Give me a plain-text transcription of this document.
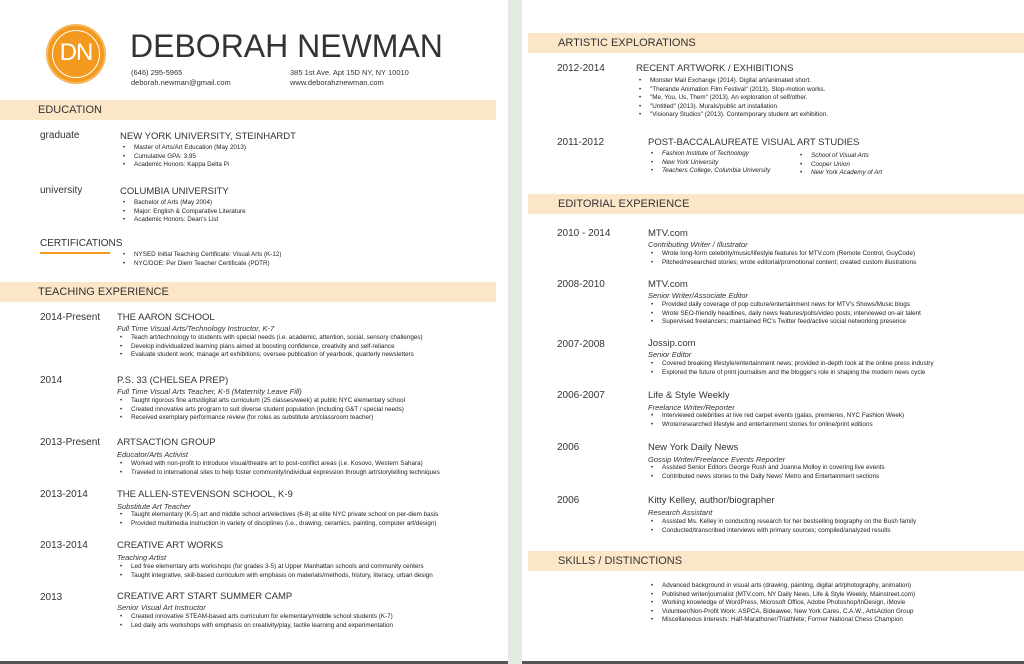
DN	DEBORAH NEWMAN
(646) 295-5965
deborah.newman@gmail.com
385 1st Ave. Apt 15D NY, NY 10010
www.deborahznewman.com
EDUCATION
graduate	NEW YORK UNIVERSITY, STEINHARDT
• Master of Arts/Art Education (May 2013)
• Cumulative GPA: 3.95
• Academic Honors: Kappa Delta Pi
university	COLUMBIA UNIVERSITY
• Bachelor of Arts (May 2004)
• Major: English & Comparative Literature
• Academic Honors: Dean's List
CERTIFICATIONS
• NYSED Initial Teaching Certificate: Visual Arts (K-12)
• NYC/DOE: Per Diem Teacher Certificate (PDTR)
TEACHING EXPERIENCE
2014-Present THE AARON SCHOOL
Full Time Visual Arts/Technology Instructor, K-7
• Teach art/technology to students with special needs (i.e. academic, attention, social, sensory challenges)
• Develop individualized learning plans aimed at boosting confidence, creativity and self-reliance
• Evaluate student work; manage art exhibitions; oversee publication of yearbook, quarterly newsletters
2014	P.S. 33 (CHELSEA PREP)
Full Time Visual Arts Teacher, K-5 (Maternity Leave Fill)
• Taught rigorous fine arts/digital arts curriculum (25 classes/week) at public NYC elementary school
• Created innovative arts program to suit diverse student population (including G&T / special needs)
• Received exemplary performance review (for roles as substitute art/classroom teacher)
2013-Present ARTSACTION GROUP
Educator/Arts Activist
• Worked with non-profit to introduce visual/theatre art to post-conflict areas (i.e. Kosovo, Western Sahara)
• Traveled to international sites to help foster community/individual expression through art/storytelling techniques
2013-2014	THE ALLEN-STEVENSON SCHOOL, K-9
Substitute Art Teacher
• Taught elementary (K-5) art and middle school art/electives (6-8) at elite NYC private school on per-diem basis
• Provided multimedia instruction in variety of disciplines (i.e., drawing, ceramics, painting, computer art/design)
2013-2014	CREATIVE ART WORKS
Teaching Artist
• Led free elementary arts workshops (for grades 3-5) at Upper Manhattan schools and community centers
• Taught integrative, skill-based curriculum with emphasis on materials/methods, history, literacy, urban design
2013	CREATIVE ART START SUMMER CAMP
Senior Visual Art Instructor
• Created innovative STEAM-based arts curriculum for elementary/middle school students (K-7)
• Led daily arts workshops with emphasis on creativity/play, tactile learning and experimentation
ARTISTIC EXPLORATIONS
2012-2014	RECENT ARTWORK / EXHIBITIONS
• Monster Mail Exchange (2014). Digital art/animated short.
• "Therande Animation Film Festival" (2013). Stop-motion works.
• "Me, You, Us, Them" (2013). An exploration of self/other.
• "Untitled" (2013). Murals/public art installation.
• "Visionary Studios" (2013). Contemporary student art exhibition.
2011-2012	POST-BACCALAUREATE VISUAL ART STUDIES
• Fashion Institute of Technology
• New York University
• Teachers College, Columbia University
• School of Visual Arts
• Cooper Union
• New York Academy of Art
EDITORIAL EXPERIENCE
2010 - 2014	MTV.com
Contributing Writer / Illustrator
• Wrote long-form celebrity/music/lifestyle features for MTV.com (Remote Control, GuyCode)
• Pitched/researched stories; wrote editorial/promotional content; created custom illustrations
2008-2010	MTV.com
Senior Writer/Associate Editor
• Provided daily coverage of pop culture/entertainment news for MTV's Shows/Music blogs
• Wrote SEO-friendly headlines, daily news features/polls/video posts; interviewed on-air talent
• Supervised freelancers; maintained RC's Twitter feed/active social networking presence
2007-2008	Jossip.com
Senior Editor
• Covered breaking lifestyle/entertainment news; provided in-depth look at the online press industry
• Explored the future of print journalism and the blogger's role in shaping the modern news cycle
2006-2007	Life & Style Weekly
Freelance Writer/Reporter
• Interviewed celebrities at live red carpet events (galas, premieres, NYC Fashion Week)
• Wrote/researched lifestyle and entertainment stories for online/print editions
2006	New York Daily News
Gossip Writer/Freelance Events Reporter
• Assisted Senior Editors George Rush and Joanna Molloy in covering live events
• Contributed news stories to the Daily News' Metro and Entertainment sections
2006	Kitty Kelley, author/biographer
Research Assistant
• Assisted Ms. Kelley in conducting research for her bestselling biography on the Bush family
• Conducted/transcribed interviews with primary sources; compiled/analyzed results
SKILLS / DISTINCTIONS
• Advanced background in visual arts (drawing, painting, digital art/photography, animation)
• Published writer/journalist (MTV.com, NY Daily News, Life & Style Weekly, Mainstreet.com)
• Working knowledge of WordPress, Microsoft Office, Adobe Photoshop/InDesign, iMovie
• Volunteer/Non-Profit Work: ASPCA, Bideawee, New York Cares, C.A.W., ArtsAction Group
• Miscellaneous interests: Half-Marathoner/Triathlete; Former National Chess Champion
